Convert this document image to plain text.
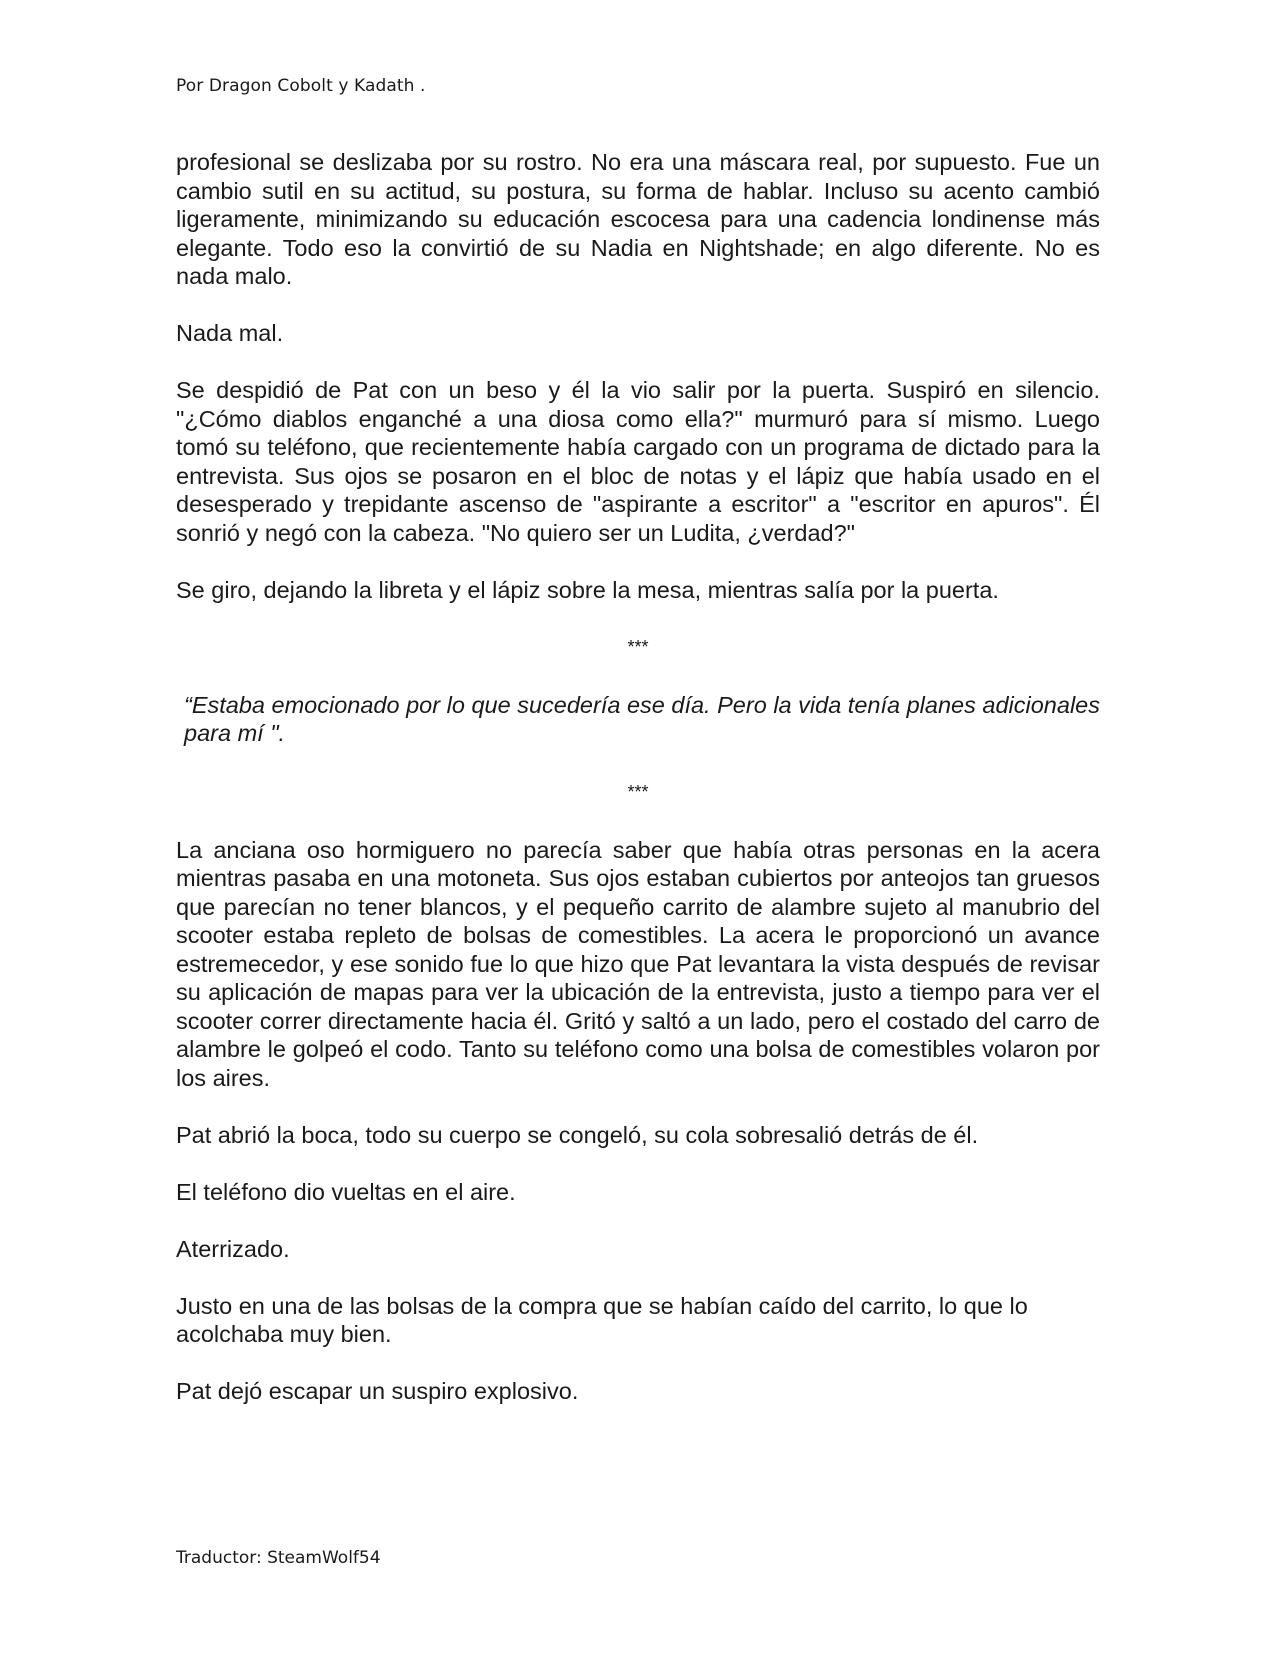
Por Dragon Cobolt y Kadath .

profesional se deslizaba por su rostro. No era una máscara real, por supuesto. Fue un cambio sutil en su actitud, su postura, su forma de hablar. Incluso su acento cambió ligeramente, minimizando su educación escocesa para una cadencia londinense más elegante. Todo eso la convirtió de su Nadia en Nightshade; en algo diferente. No es nada malo.

Nada mal.

Se despidió de Pat con un beso y él la vio salir por la puerta. Suspiró en silencio. "¿Cómo diablos enganché a una diosa como ella?" murmuró para sí mismo. Luego tomó su teléfono, que recientemente había cargado con un programa de dictado para la entrevista. Sus ojos se posaron en el bloc de notas y el lápiz que había usado en el desesperado y trepidante ascenso de "aspirante a escritor" a "escritor en apuros". Él sonrió y negó con la cabeza. "No quiero ser un Ludita, ¿verdad?"

Se giro, dejando la libreta y el lápiz sobre la mesa, mientras salía por la puerta.

***

“Estaba emocionado por lo que sucedería ese día. Pero la vida tenía planes adicionales para mí ".

***

La anciana oso hormiguero no parecía saber que había otras personas en la acera mientras pasaba en una motoneta. Sus ojos estaban cubiertos por anteojos tan gruesos que parecían no tener blancos, y el pequeño carrito de alambre sujeto al manubrio del scooter estaba repleto de bolsas de comestibles. La acera le proporcionó un avance estremecedor, y ese sonido fue lo que hizo que Pat levantara la vista después de revisar su aplicación de mapas para ver la ubicación de la entrevista, justo a tiempo para ver el scooter correr directamente hacia él. Gritó y saltó a un lado, pero el costado del carro de alambre le golpeó el codo. Tanto su teléfono como una bolsa de comestibles volaron por los aires.

Pat abrió la boca, todo su cuerpo se congeló, su cola sobresalió detrás de él.

El teléfono dio vueltas en el aire.

Aterrizado.

Justo en una de las bolsas de la compra que se habían caído del carrito, lo que lo acolchaba muy bien.

Pat dejó escapar un suspiro explosivo.

Traductor: SteamWolf54
